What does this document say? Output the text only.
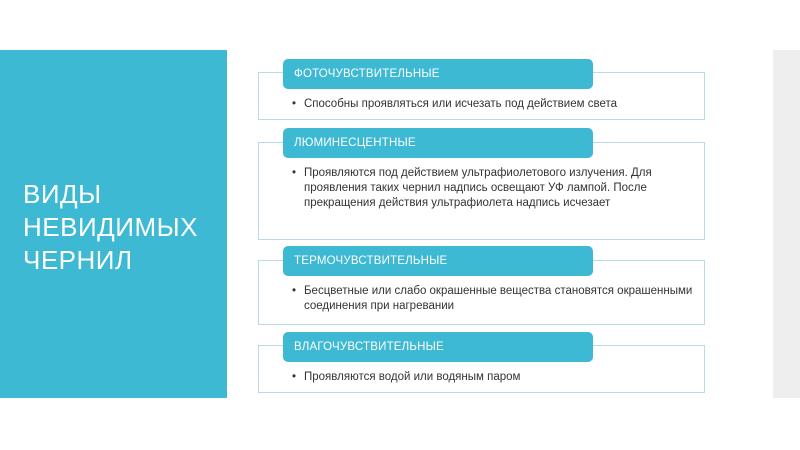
ВИДЫ НЕВИДИМЫХ ЧЕРНИЛ
ФОТОЧУВСТВИТЕЛЬНЫЕ

• Способны проявляться или исчезать под действием света

ЛЮМИНЕСЦЕНТНЫЕ

• Проявляются под действием ультрафиолетового излучения. Для проявления таких чернил надпись освещают УФ лампой. После прекращения действия ультрафиолета надпись исчезает

ТЕРМОЧУВСТВИТЕЛЬНЫЕ

• Бесцветные или слабо окрашенные вещества становятся окрашенными соединения при нагревании

ВЛАГОЧУВСТВИТЕЛЬНЫЕ

• Проявляются водой или водяным паром
